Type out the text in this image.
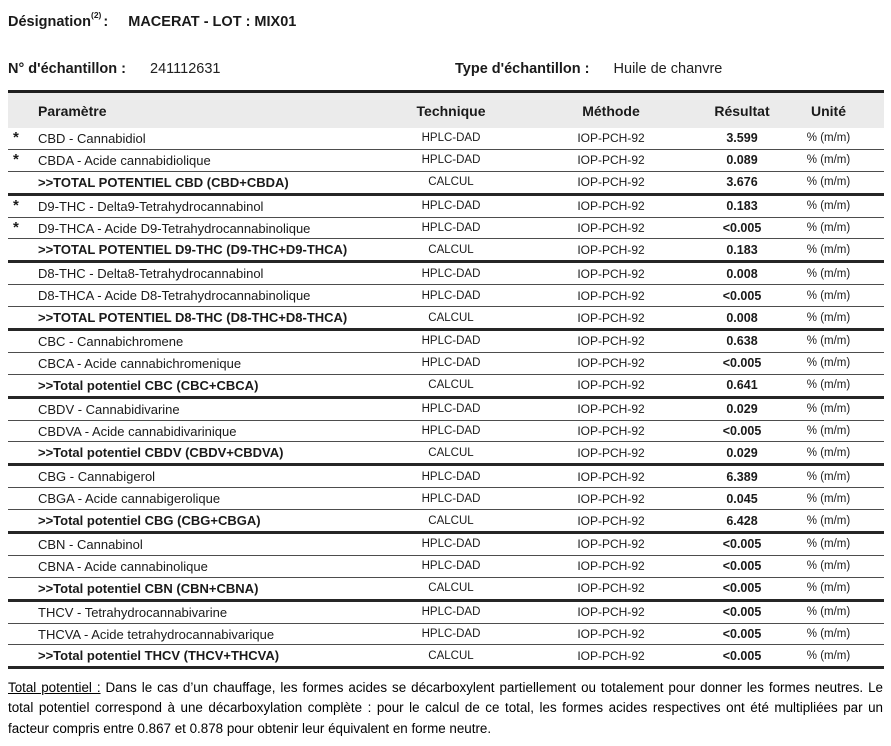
Désignation$^{(2)}$ : MACERAT - LOT : MIX01
N° d'échantillon : 241112631	Type d'échantillon : Huile de chanvre
Paramètre	Technique	Méthode	Résultat	Unité
*	CBD - Cannabidiol	HPLC-DAD	IOP-PCH-92	3.599	% (m/m)
*	CBDA - Acide cannabidiolique	HPLC-DAD	IOP-PCH-92	0.089	% (m/m)
>>TOTAL POTENTIEL CBD (CBD+CBDA)	CALCUL	IOP-PCH-92	3.676	% (m/m)
*	D9-THC - Delta9-Tetrahydrocannabinol	HPLC-DAD	IOP-PCH-92	0.183	% (m/m)
*	D9-THCA - Acide D9-Tetrahydrocannabinolique	HPLC-DAD	IOP-PCH-92	<0.005	% (m/m)
>>TOTAL POTENTIEL D9-THC (D9-THC+D9-THCA)	CALCUL	IOP-PCH-92	0.183	% (m/m)
D8-THC - Delta8-Tetrahydrocannabinol	HPLC-DAD	IOP-PCH-92	0.008	% (m/m)
D8-THCA - Acide D8-Tetrahydrocannabinolique	HPLC-DAD	IOP-PCH-92	<0.005	% (m/m)
>>TOTAL POTENTIEL D8-THC (D8-THC+D8-THCA)	CALCUL	IOP-PCH-92	0.008	% (m/m)
CBC - Cannabichromene	HPLC-DAD	IOP-PCH-92	0.638	% (m/m)
CBCA - Acide cannabichromenique	HPLC-DAD	IOP-PCH-92	<0.005	% (m/m)
>>Total potentiel CBC (CBC+CBCA)	CALCUL	IOP-PCH-92	0.641	% (m/m)
CBDV - Cannabidivarine	HPLC-DAD	IOP-PCH-92	0.029	% (m/m)
CBDVA - Acide cannabidivarinique	HPLC-DAD	IOP-PCH-92	<0.005	% (m/m)
>>Total potentiel CBDV (CBDV+CBDVA)	CALCUL	IOP-PCH-92	0.029	% (m/m)
CBG - Cannabigerol	HPLC-DAD	IOP-PCH-92	6.389	% (m/m)
CBGA - Acide cannabigerolique	HPLC-DAD	IOP-PCH-92	0.045	% (m/m)
>>Total potentiel CBG (CBG+CBGA)	CALCUL	IOP-PCH-92	6.428	% (m/m)
CBN - Cannabinol	HPLC-DAD	IOP-PCH-92	<0.005	% (m/m)
CBNA - Acide cannabinolique	HPLC-DAD	IOP-PCH-92	<0.005	% (m/m)
>>Total potentiel CBN (CBN+CBNA)	CALCUL	IOP-PCH-92	<0.005	% (m/m)
THCV - Tetrahydrocannabivarine	HPLC-DAD	IOP-PCH-92	<0.005	% (m/m)
THCVA - Acide tetrahydrocannabivarique	HPLC-DAD	IOP-PCH-92	<0.005	% (m/m)
>>Total potentiel THCV (THCV+THCVA)	CALCUL	IOP-PCH-92	<0.005	% (m/m)
Total potentiel : Dans le cas d’un chauffage, les formes acides se décarboxylent partiellement ou totalement pour donner les formes neutres. Le total potentiel correspond à une décarboxylation complète : pour le calcul de ce total, les formes acides respectives ont été multipliées par un facteur compris entre 0.867 et 0.878 pour obtenir leur équivalent en forme neutre.
